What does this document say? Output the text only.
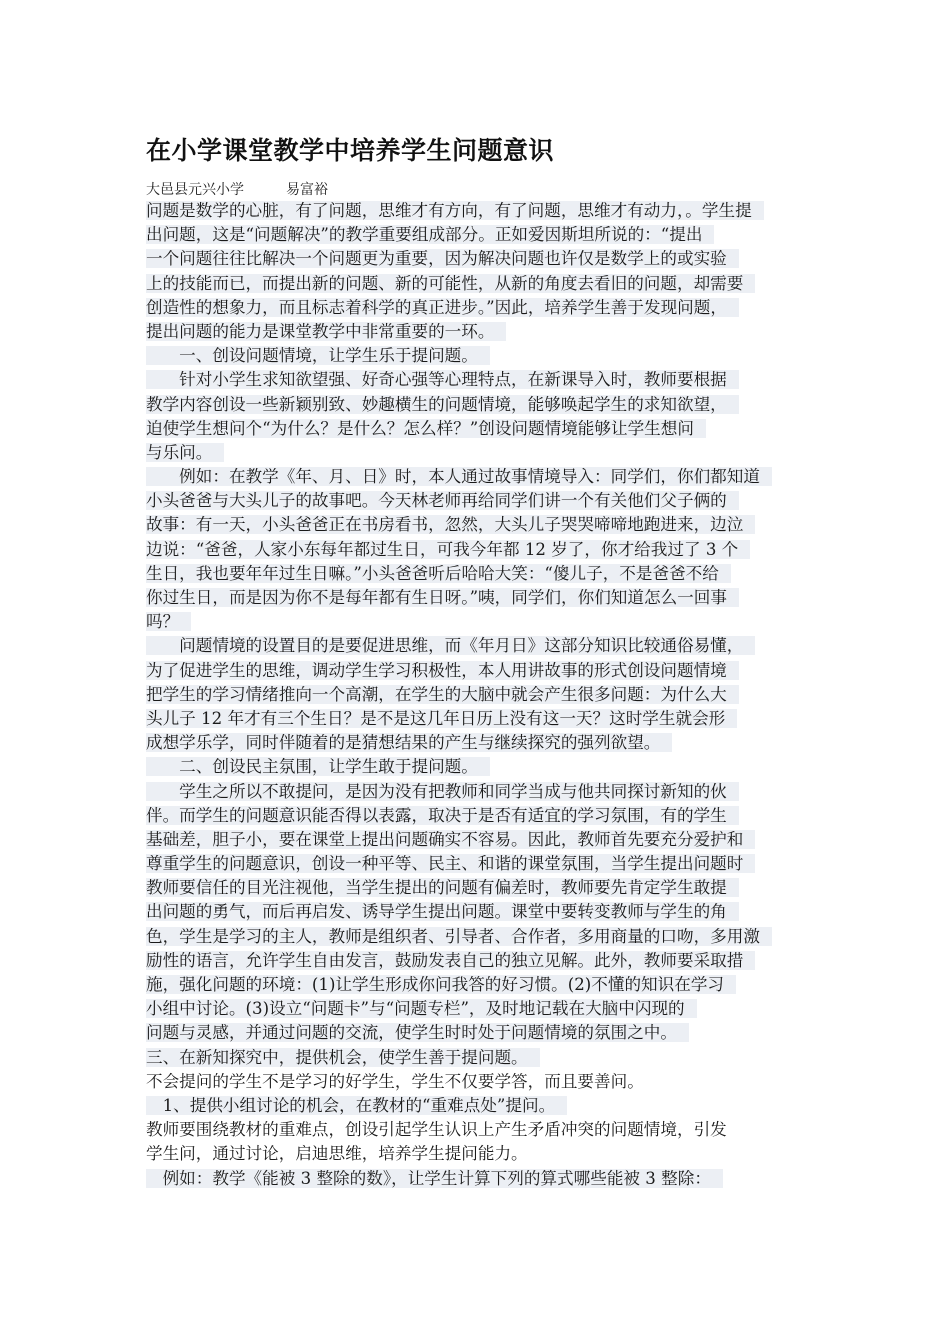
在小学课堂教学中培养学生问题意识
大邑县元兴小学　　　易富裕
问题是数学的心脏，有了问题，思维才有方向，有了问题，思维才有动力，。学生提
出问题，这是“问题解决”的教学重要组成部分。正如爱因斯坦所说的：“提出
一个问题往往比解决一个问题更为重要，因为解决问题也许仅是数学上的或实验
上的技能而已，而提出新的问题、新的可能性，从新的角度去看旧的问题，却需要
创造性的想象力，而且标志着科学的真正进步。”因此，培养学生善于发现问题，
提出问题的能力是课堂教学中非常重要的一环。
　　一、创设问题情境，让学生乐于提问题。
　　针对小学生求知欲望强、好奇心强等心理特点，在新课导入时，教师要根据
教学内容创设一些新颖别致、妙趣横生的问题情境，能够唤起学生的求知欲望，
迫使学生想问个“为什么？是什么？怎么样？”创设问题情境能够让学生想问
与乐问。
　　例如：在教学《年、月、日》时，本人通过故事情境导入：同学们，你们都知道
小头爸爸与大头儿子的故事吧。今天林老师再给同学们讲一个有关他们父子俩的
故事：有一天，小头爸爸正在书房看书，忽然，大头儿子哭哭啼啼地跑进来，边泣
边说：“爸爸，人家小东每年都过生日，可我今年都 12 岁了，你才给我过了 3 个
生日，我也要年年过生日嘛。”小头爸爸听后哈哈大笑：“傻儿子，不是爸爸不给
你过生日，而是因为你不是每年都有生日呀。”咦，同学们，你们知道怎么一回事
吗？
　　问题情境的设置目的是要促进思维，而《年月日》这部分知识比较通俗易懂，
为了促进学生的思维，调动学生学习积极性，本人用讲故事的形式创设问题情境
把学生的学习情绪推向一个高潮，在学生的大脑中就会产生很多问题：为什么大
头儿子 12 年才有三个生日？是不是这几年日历上没有这一天？这时学生就会形
成想学乐学，同时伴随着的是猜想结果的产生与继续探究的强列欲望。
　　二、创设民主氛围，让学生敢于提问题。
　　学生之所以不敢提问，是因为没有把教师和同学当成与他共同探讨新知的伙
伴。而学生的问题意识能否得以表露，取决于是否有适宜的学习氛围，有的学生
基础差，胆子小，要在课堂上提出问题确实不容易。因此，教师首先要充分爱护和
尊重学生的问题意识，创设一种平等、民主、和谐的课堂氛围，当学生提出问题时
教师要信任的目光注视他，当学生提出的问题有偏差时，教师要先肯定学生敢提
出问题的勇气，而后再启发、诱导学生提出问题。课堂中要转变教师与学生的角
色，学生是学习的主人，教师是组织者、引导者、合作者，多用商量的口吻，多用激
励性的语言，允许学生自由发言，鼓励发表自己的独立见解。此外，教师要采取措
施，强化问题的环境：(1)让学生形成你问我答的好习惯。(2)不懂的知识在学习
小组中讨论。(3)设立“问题卡”与“问题专栏”，及时地记载在大脑中闪现的
问题与灵感，并通过问题的交流，使学生时时处于问题情境的氛围之中。
三、在新知探究中，提供机会，使学生善于提问题。
不会提问的学生不是学习的好学生，学生不仅要学答，而且要善问。
　1、提供小组讨论的机会，在教材的“重难点处”提问。
教师要围绕教材的重难点，创设引起学生认识上产生矛盾冲突的问题情境，引发
学生问，通过讨论，启迪思维，培养学生提问能力。
　例如：教学《能被 3 整除的数》，让学生计算下列的算式哪些能被 3 整除：
